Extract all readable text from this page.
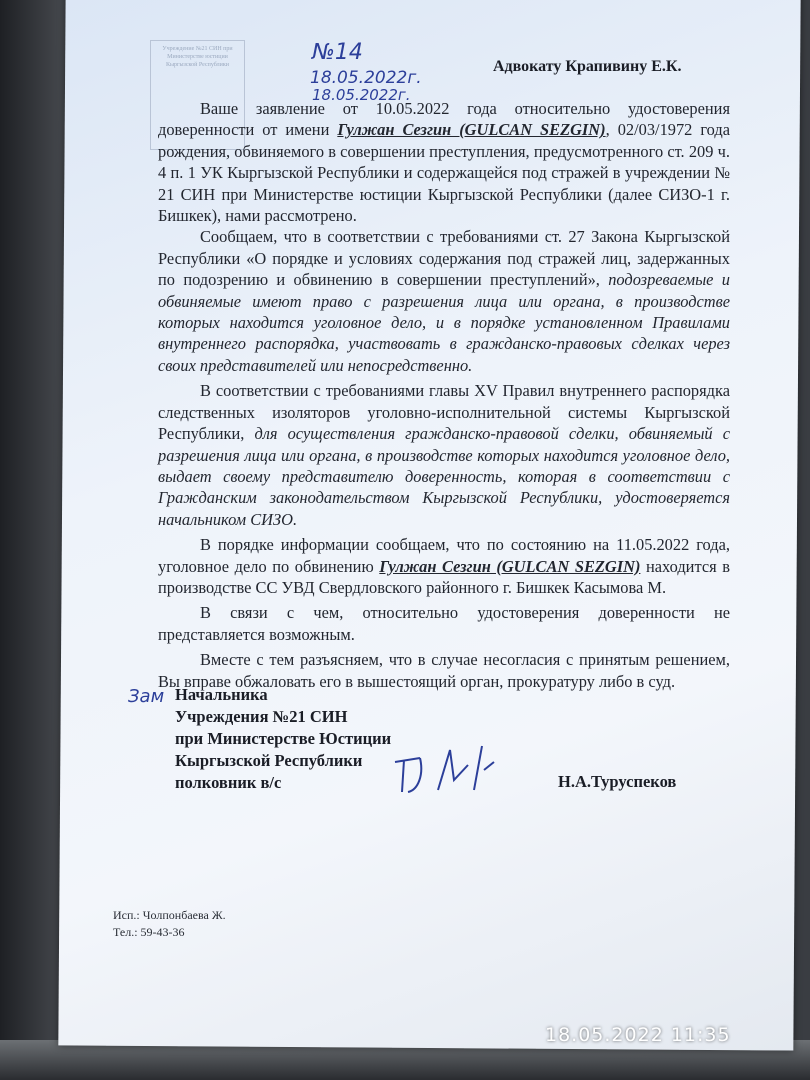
Учреждение №21 СИН при Министерстве юстиции Кыргызской Республики	№14
18.05.2022г.
18.05.2022г.
Адвокату Крапивину Е.К.

Ваше заявление от 10.05.2022 года относительно удостоверения доверенности от имени Гулжан Сезгин (GULCAN SEZGIN), 02/03/1972 года рождения, обвиняемого в совершении преступления, предусмотренного ст. 209 ч. 4 п. 1 УК Кыргызской Республики и содержащейся под стражей в учреждении № 21 СИН при Министерстве юстиции Кыргызской Республики (далее СИЗО-1 г. Бишкек), нами рассмотрено.

Сообщаем, что в соответствии с требованиями ст. 27 Закона Кыргызской Республики «О порядке и условиях содержания под стражей лиц, задержанных по подозрению и обвинению в совершении преступлений», подозреваемые и обвиняемые имеют право с разрешения лица или органа, в производстве которых находится уголовное дело, и в порядке установленном Правилами внутреннего распорядка, участвовать в гражданско-правовых сделках через своих представителей или непосредственно.

В соответствии с требованиями главы XV Правил внутреннего распорядка следственных изоляторов уголовно-исполнительной системы Кыргызской Республики, для осуществления гражданско-правовой сделки, обвиняемый с разрешения лица или органа, в производстве которых находится уголовное дело, выдает своему представителю доверенность, которая в соответствии с Гражданским законодательством Кыргызской Республики, удостоверяется начальником СИЗО.

В порядке информации сообщаем, что по состоянию на 11.05.2022 года, уголовное дело по обвинению Гулжан Сезгин (GULCAN SEZGIN) находится в производстве СС УВД Свердловского районного г. Бишкек Касымова М.

В связи с чем, относительно удостоверения доверенности не представляется возможным.

Вместе с тем разъясняем, что в случае несогласия с принятым решением, Вы вправе обжаловать его в вышестоящий орган, прокуратуру либо в суд.

Зам Начальника
Учреждения №21 СИН
при Министерстве Юстиции
Кыргызской Республики
полковник в/с	Н.А.Туруспеков
Исп.: Чолпонбаева Ж.
Тел.: 59-43-36
18.05.2022 11:35
